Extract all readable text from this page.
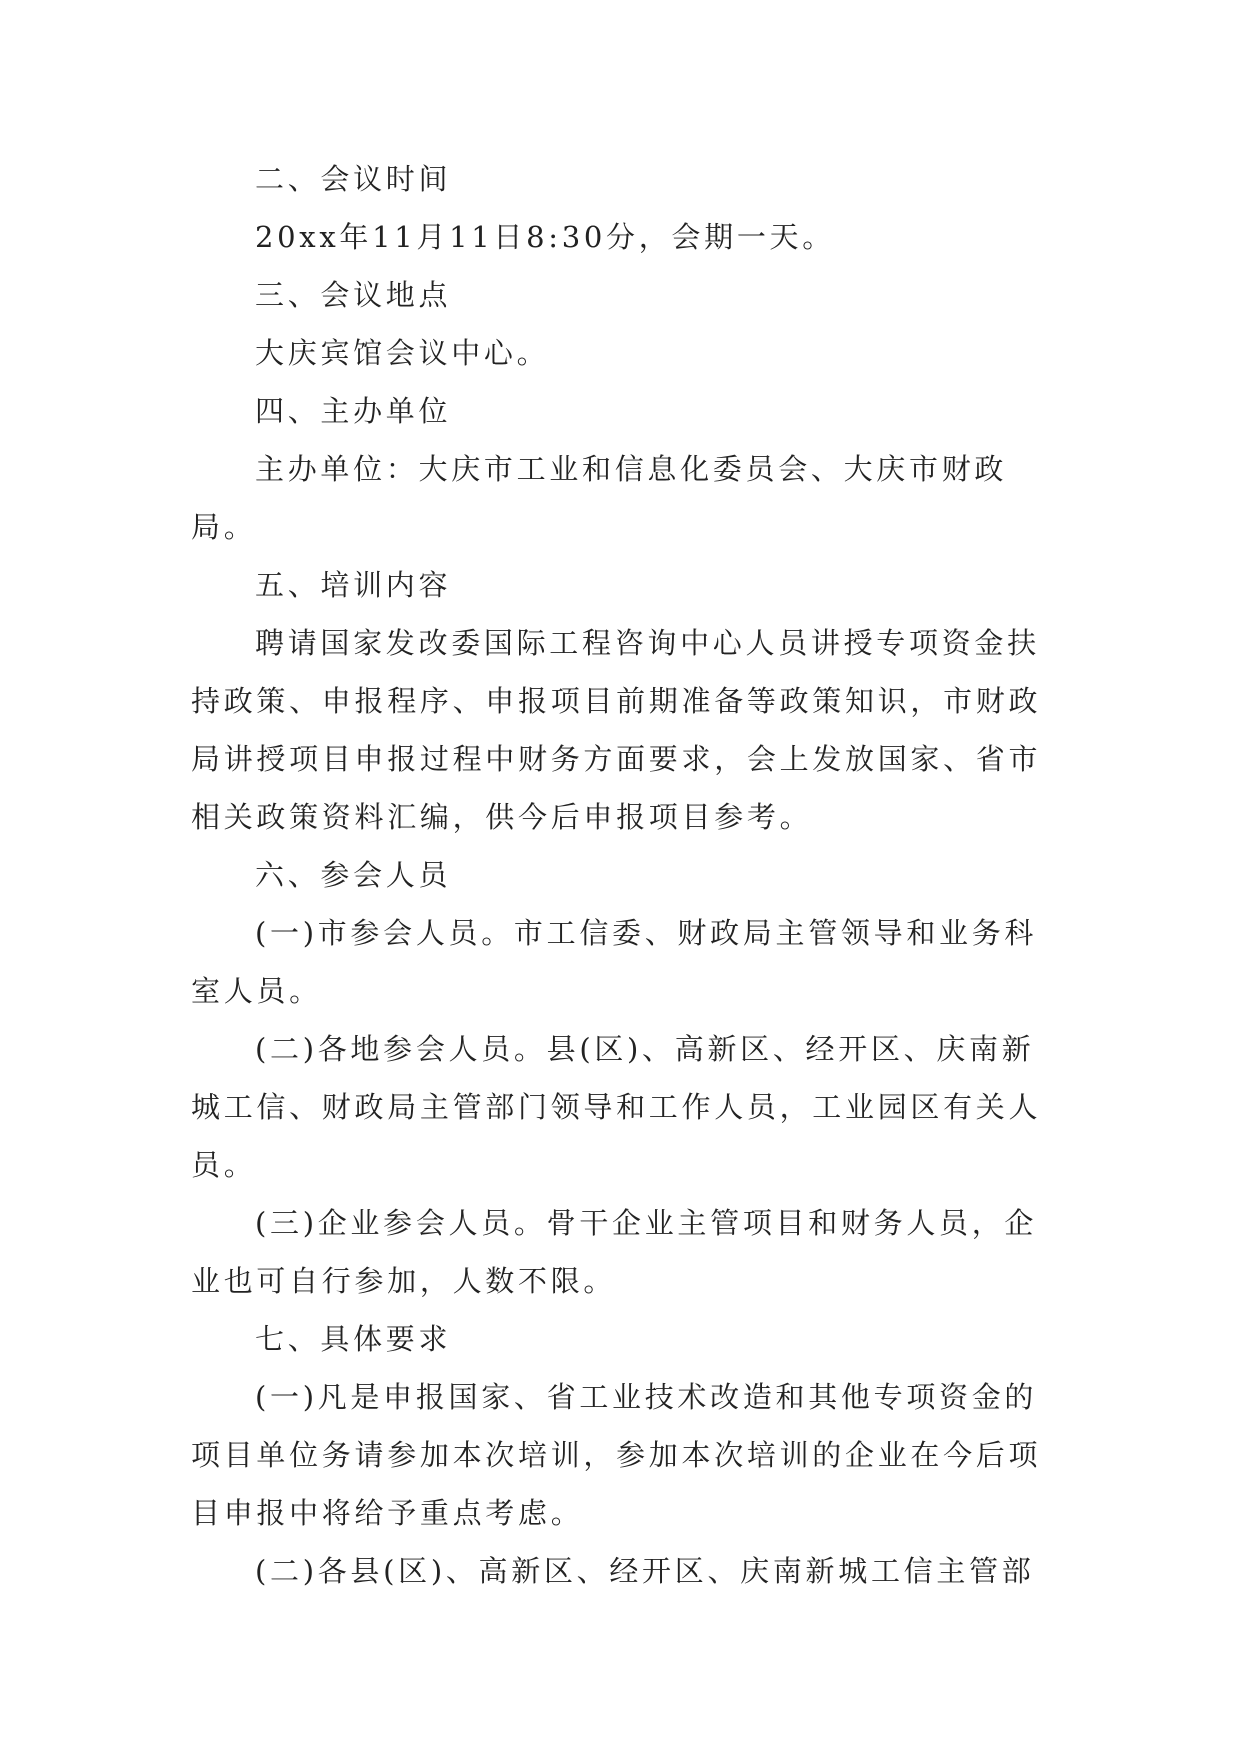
二、会议时间

20xx年11月11日8:30分，会期一天。

三、会议地点

大庆宾馆会议中心。

四、主办单位

主办单位：大庆市工业和信息化委员会、大庆市财政局。

五、培训内容

聘请国家发改委国际工程咨询中心人员讲授专项资金扶持政策、申报程序、申报项目前期准备等政策知识，市财政局讲授项目申报过程中财务方面要求，会上发放国家、省市相关政策资料汇编，供今后申报项目参考。

六、参会人员

(一)市参会人员。市工信委、财政局主管领导和业务科室人员。

(二)各地参会人员。县(区)、高新区、经开区、庆南新城工信、财政局主管部门领导和工作人员，工业园区有关人员。

(三)企业参会人员。骨干企业主管项目和财务人员，企业也可自行参加，人数不限。

七、具体要求

(一)凡是申报国家、省工业技术改造和其他专项资金的项目单位务请参加本次培训，参加本次培训的企业在今后项目申报中将给予重点考虑。

(二)各县(区)、高新区、经开区、庆南新城工信主管部
